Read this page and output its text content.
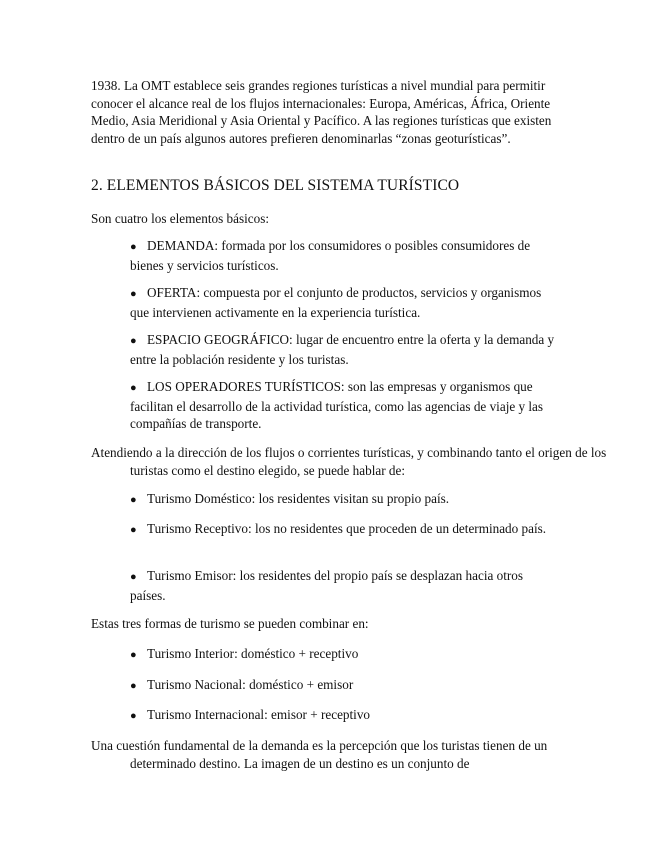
1938. La OMT establece seis grandes regiones turísticas a nivel mundial para permitir conocer el alcance real de los flujos internacionales: Europa, Américas, África, Oriente Medio, Asia Meridional y Asia Oriental y Pacífico. A las regiones turísticas que existen dentro de un país algunos autores prefieren denominarlas “zonas geoturísticas”.

2. ELEMENTOS BÁSICOS DEL SISTEMA TURÍSTICO

Son cuatro los elementos básicos:

● DEMANDA: formada por los consumidores o posibles consumidores de bienes y servicios turísticos.

● OFERTA: compuesta por el conjunto de productos, servicios y organismos que intervienen activamente en la experiencia turística.

● ESPACIO GEOGRÁFICO: lugar de encuentro entre la oferta y la demanda y entre la población residente y los turistas.

● LOS OPERADORES TURÍSTICOS: son las empresas y organismos que facilitan el desarrollo de la actividad turística, como las agencias de viaje y las compañías de transporte.

Atendiendo a la dirección de los flujos o corrientes turísticas, y combinando tanto el origen de los turistas como el destino elegido, se puede hablar de:

● Turismo Doméstico: los residentes visitan su propio país.

● Turismo Receptivo: los no residentes que proceden de un determinado país.

● Turismo Emisor: los residentes del propio país se desplazan hacia otros países.

Estas tres formas de turismo se pueden combinar en:

● Turismo Interior: doméstico + receptivo

● Turismo Nacional: doméstico + emisor

● Turismo Internacional: emisor + receptivo

Una cuestión fundamental de la demanda es la percepción que los turistas tienen de un determinado destino. La imagen de un destino es un conjunto de
